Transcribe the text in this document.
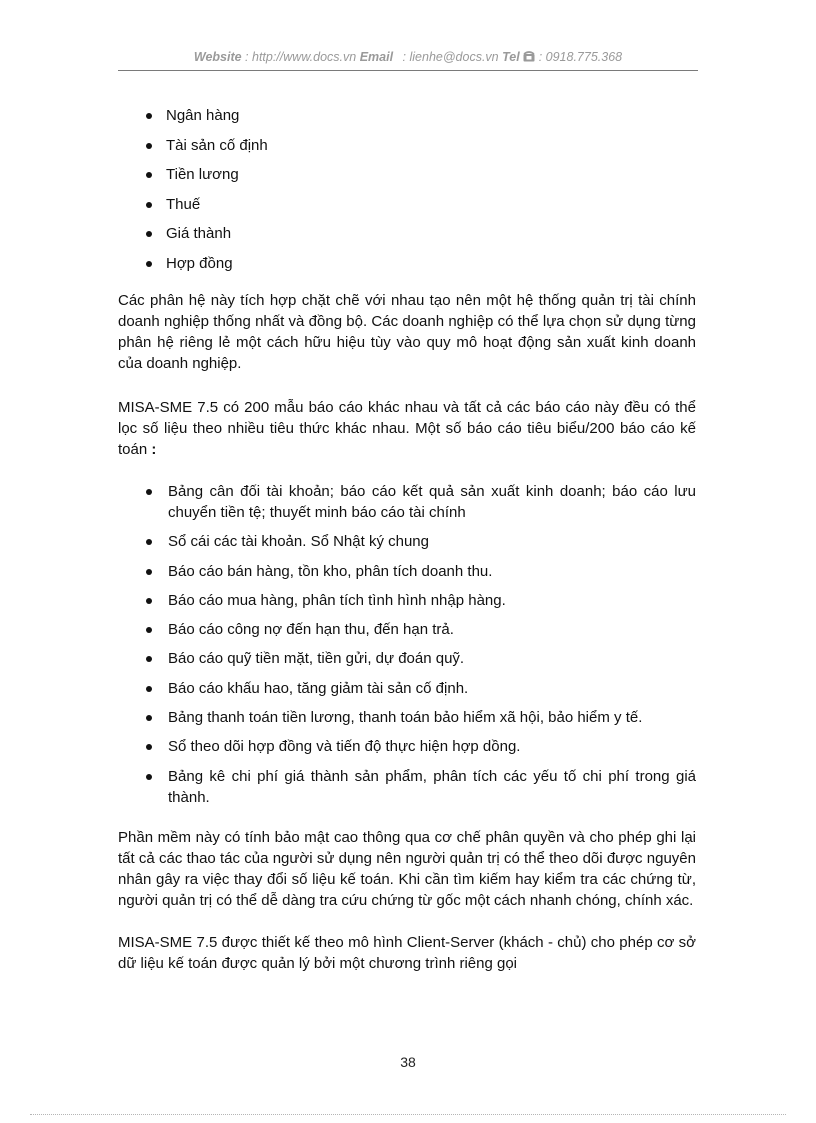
Website : http://www.docs.vn Email : lienhe@docs.vn Tel  : 0918.775.368
Ngân hàng
Tài sản cố định
Tiền lương
Thuế
Giá thành
Hợp đồng

Các phân hệ này tích hợp chặt chẽ với nhau tạo nên một hệ thống quản trị tài chính doanh nghiệp thống nhất và đồng bộ. Các doanh nghiệp có thể lựa chọn sử dụng từng phân hệ riêng lẻ một cách hữu hiệu tùy vào quy mô hoạt động sản xuất kinh doanh của doanh nghiệp.

MISA-SME 7.5 có 200 mẫu báo cáo khác nhau và tất cả các báo cáo này đều có thể lọc số liệu theo nhiều tiêu thức khác nhau. Một số báo cáo tiêu biểu/200 báo cáo kế toán :

Bảng cân đối tài khoản; báo cáo kết quả sản xuất kinh doanh; báo cáo lưu chuyển tiền tệ; thuyết minh báo cáo tài chính
Sổ cái các tài khoản. Sổ Nhật ký chung
Báo cáo bán hàng, tồn kho, phân tích doanh thu.
Báo cáo mua hàng, phân tích tình hình nhập hàng.
Báo cáo công nợ đến hạn thu, đến hạn trả.
Báo cáo quỹ tiền mặt, tiền gửi, dự đoán quỹ.
Báo cáo khấu hao, tăng giảm tài sản cố định.
Bảng thanh toán tiền lương, thanh toán bảo hiểm xã hội, bảo hiểm y tế.
Sổ theo dõi hợp đồng và tiến độ thực hiện hợp dồng.
Bảng kê chi phí giá thành sản phẩm, phân tích các yếu tố chi phí trong giá thành.

Phần mềm này có tính bảo mật cao thông qua cơ chế phân quyền và cho phép ghi lại tất cả các thao tác của người sử dụng nên người quản trị có thể theo dõi được nguyên nhân gây ra việc thay đổi số liệu kế toán. Khi cần tìm kiếm hay kiểm tra các chứng từ, người quản trị có thể dễ dàng tra cứu chứng từ gốc một cách nhanh chóng, chính xác.

MISA-SME 7.5 được thiết kế theo mô hình Client-Server (khách - chủ) cho phép cơ sở dữ liệu kế toán được quản lý bởi một chương trình riêng gọi

38
